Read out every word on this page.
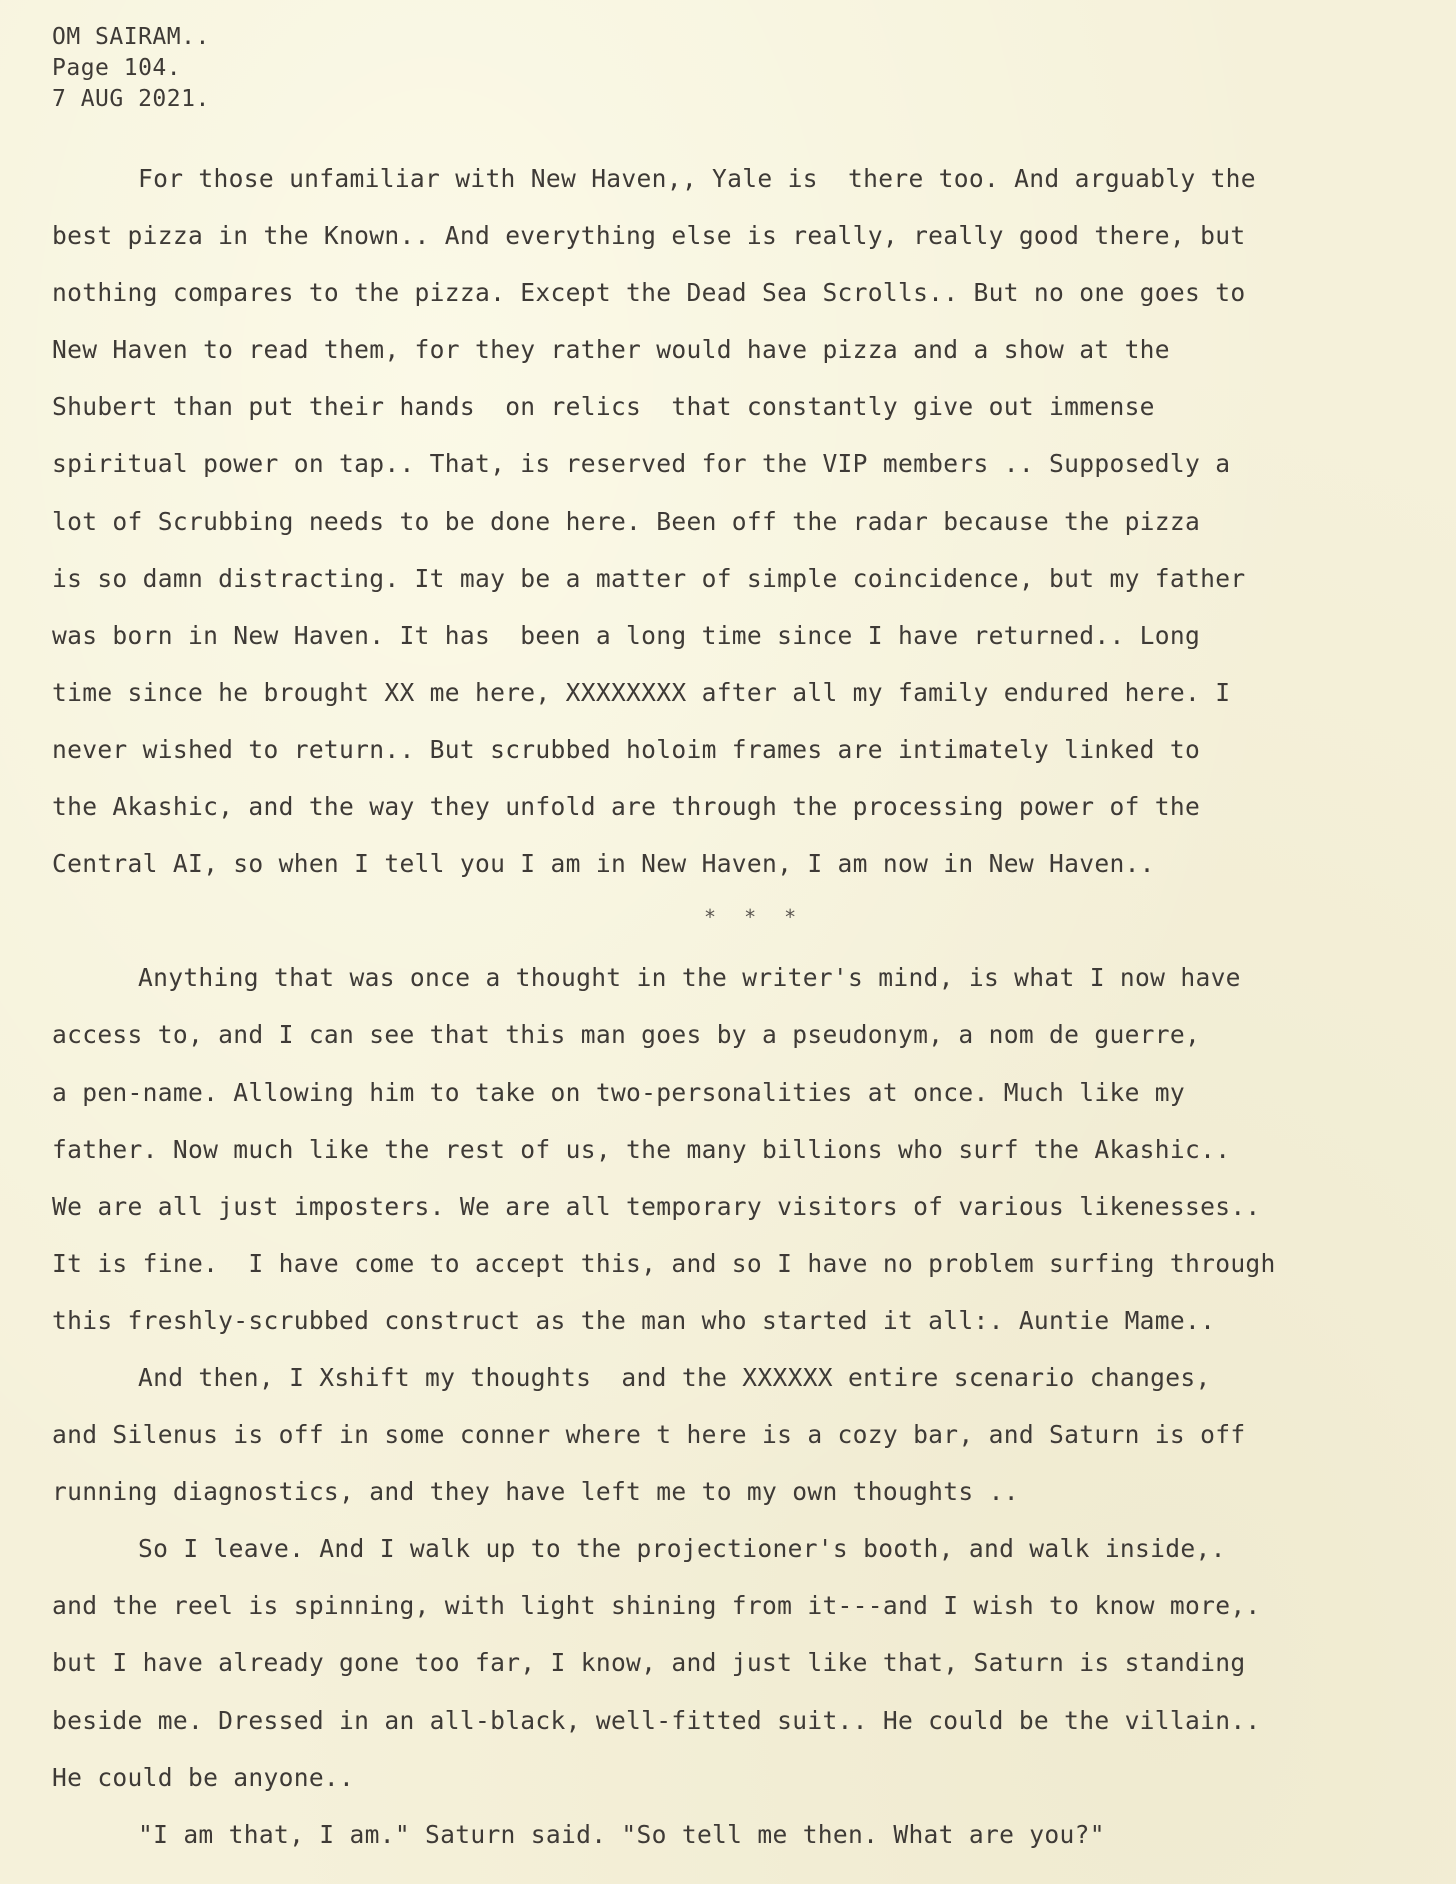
OM SAIRAM..
Page 104.
7 AUG 2021.
For those unfamiliar with New Haven,, Yale is  there too. And arguably the
best pizza in the Known.. And everything else is really, really good there, but
nothing compares to the pizza. Except the Dead Sea Scrolls.. But no one goes to
New Haven to read them, for they rather would have pizza and a show at the
Shubert than put their hands  on relics  that constantly give out immense
spiritual power on tap.. That, is reserved for the VIP members .. Supposedly a
lot of Scrubbing needs to be done here. Been off the radar because the pizza
is so damn distracting. It may be a matter of simple coincidence, but my father
was born in New Haven. It has  been a long time since I have returned.. Long
time since he brought XX me here, XXXXXXXX after all my family endured here. I
never wished to return.. But scrubbed holoim frames are intimately linked to
the Akashic, and the way they unfold are through the processing power of the
Central AI, so when I tell you I am in New Haven, I am now in New Haven..
* * *
Anything that was once a thought in the writer's mind, is what I now have
access to, and I can see that this man goes by a pseudonym, a nom de guerre,
a pen-name. Allowing him to take on two-personalities at once. Much like my
father. Now much like the rest of us, the many billions who surf the Akashic..
We are all just imposters. We are all temporary visitors of various likenesses..
It is fine.  I have come to accept this, and so I have no problem surfing through
this freshly-scrubbed construct as the man who started it all:. Auntie Mame..
And then, I Xshift my thoughts  and the XXXXXX entire scenario changes,
and Silenus is off in some conner where t here is a cozy bar, and Saturn is off
running diagnostics, and they have left me to my own thoughts ..
So I leave. And I walk up to the projectioner's booth, and walk inside,.
and the reel is spinning, with light shining from it---and I wish to know more,.
but I have already gone too far, I know, and just like that, Saturn is standing
beside me. Dressed in an all-black, well-fitted suit.. He could be the villain..
He could be anyone..
"I am that, I am." Saturn said. "So tell me then. What are you?"
